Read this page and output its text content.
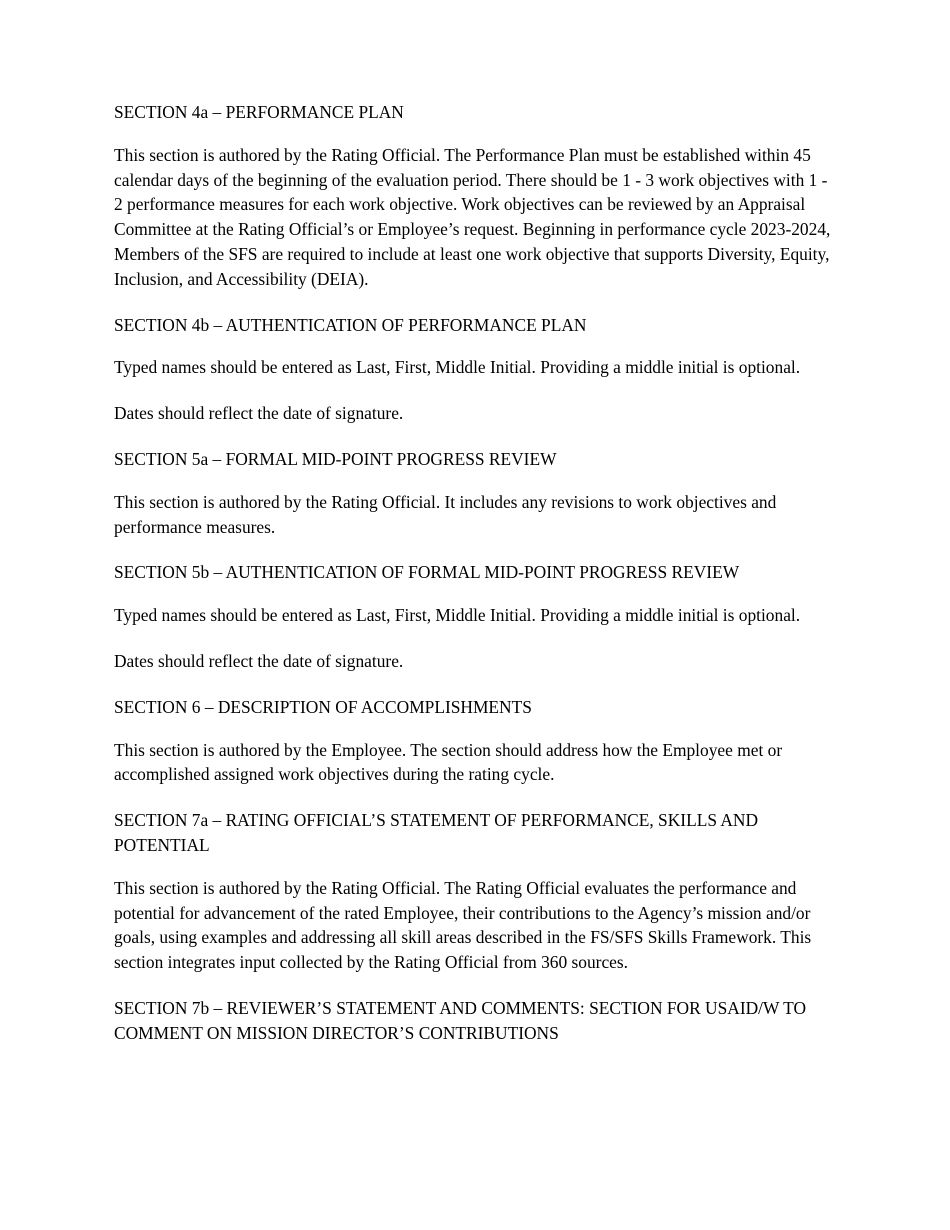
SECTION 4a – PERFORMANCE PLAN

This section is authored by the Rating Official. The Performance Plan must be established within 45 calendar days of the beginning of the evaluation period. There should be 1 - 3 work objectives with 1 - 2 performance measures for each work objective. Work objectives can be reviewed by an Appraisal Committee at the Rating Official’s or Employee’s request. Beginning in performance cycle 2023-2024, Members of the SFS are required to include at least one work objective that supports Diversity, Equity, Inclusion, and Accessibility (DEIA).

SECTION 4b – AUTHENTICATION OF PERFORMANCE PLAN

Typed names should be entered as Last, First, Middle Initial. Providing a middle initial is optional.

Dates should reflect the date of signature.

SECTION 5a – FORMAL MID-POINT PROGRESS REVIEW

This section is authored by the Rating Official. It includes any revisions to work objectives and performance measures.

SECTION 5b – AUTHENTICATION OF FORMAL MID-POINT PROGRESS REVIEW

Typed names should be entered as Last, First, Middle Initial. Providing a middle initial is optional.

Dates should reflect the date of signature.

SECTION 6 – DESCRIPTION OF ACCOMPLISHMENTS

This section is authored by the Employee. The section should address how the Employee met or accomplished assigned work objectives during the rating cycle.

SECTION 7a – RATING OFFICIAL’S STATEMENT OF PERFORMANCE, SKILLS AND POTENTIAL

This section is authored by the Rating Official. The Rating Official evaluates the performance and potential for advancement of the rated Employee, their contributions to the Agency’s mission and/or goals, using examples and addressing all skill areas described in the FS/SFS Skills Framework. This section integrates input collected by the Rating Official from 360 sources.

SECTION 7b – REVIEWER’S STATEMENT AND COMMENTS: SECTION FOR USAID/W TO COMMENT ON MISSION DIRECTOR’S CONTRIBUTIONS
